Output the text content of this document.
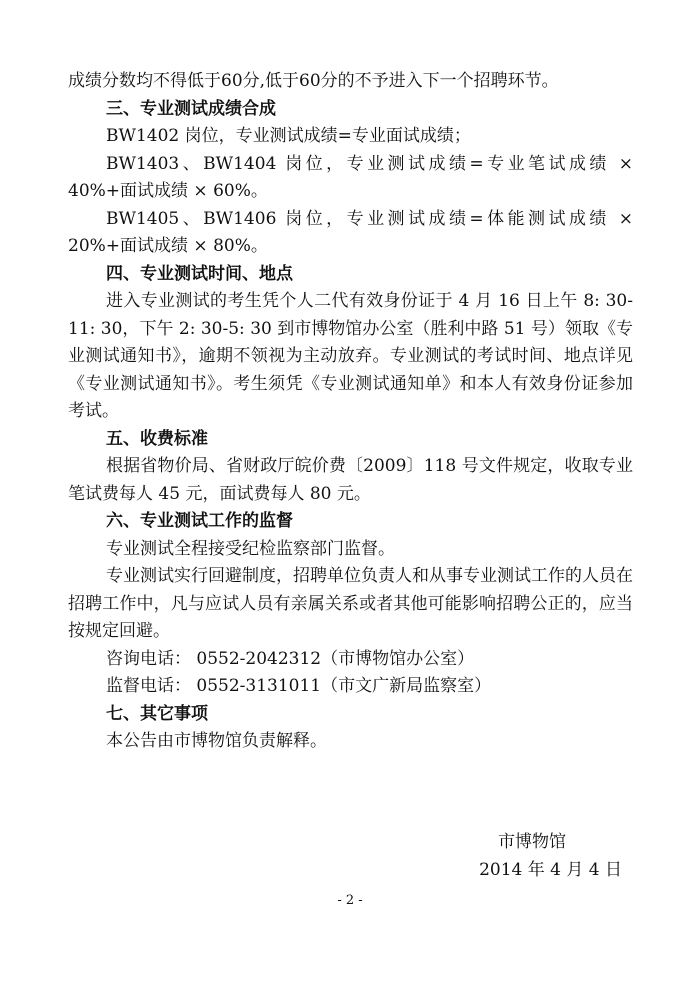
成绩分数均不得低于60分,低于60分的不予进入下一个招聘环节。

三、专业测试成绩合成

BW1402 岗位，专业测试成绩=专业面试成绩；

BW1403、BW1404 岗位，专业测试成绩=专业笔试成绩 × 40%+面试成绩 × 60%。

BW1405、BW1406 岗位，专业测试成绩=体能测试成绩 × 20%+面试成绩 × 80%。

四、专业测试时间、地点

进入专业测试的考生凭个人二代有效身份证于 4 月 16 日上午 8: 30-11: 30，下午 2: 30-5: 30 到市博物馆办公室（胜利中路 51 号）领取《专业测试通知书》，逾期不领视为主动放弃。专业测试的考试时间、地点详见《专业测试通知书》。考生须凭《专业测试通知单》和本人有效身份证参加考试。

五、收费标准

根据省物价局、省财政厅皖价费〔2009〕118 号文件规定，收取专业笔试费每人 45 元，面试费每人 80 元。

六、专业测试工作的监督

专业测试全程接受纪检监察部门监督。

专业测试实行回避制度，招聘单位负责人和从事专业测试工作的人员在招聘工作中，凡与应试人员有亲属关系或者其他可能影响招聘公正的，应当按规定回避。

咨询电话： 0552-2042312（市博物馆办公室）

监督电话： 0552-3131011（市文广新局监察室）

七、其它事项

本公告由市博物馆负责解释。

市博物馆
2014 年 4 月 4 日
- 2 -
